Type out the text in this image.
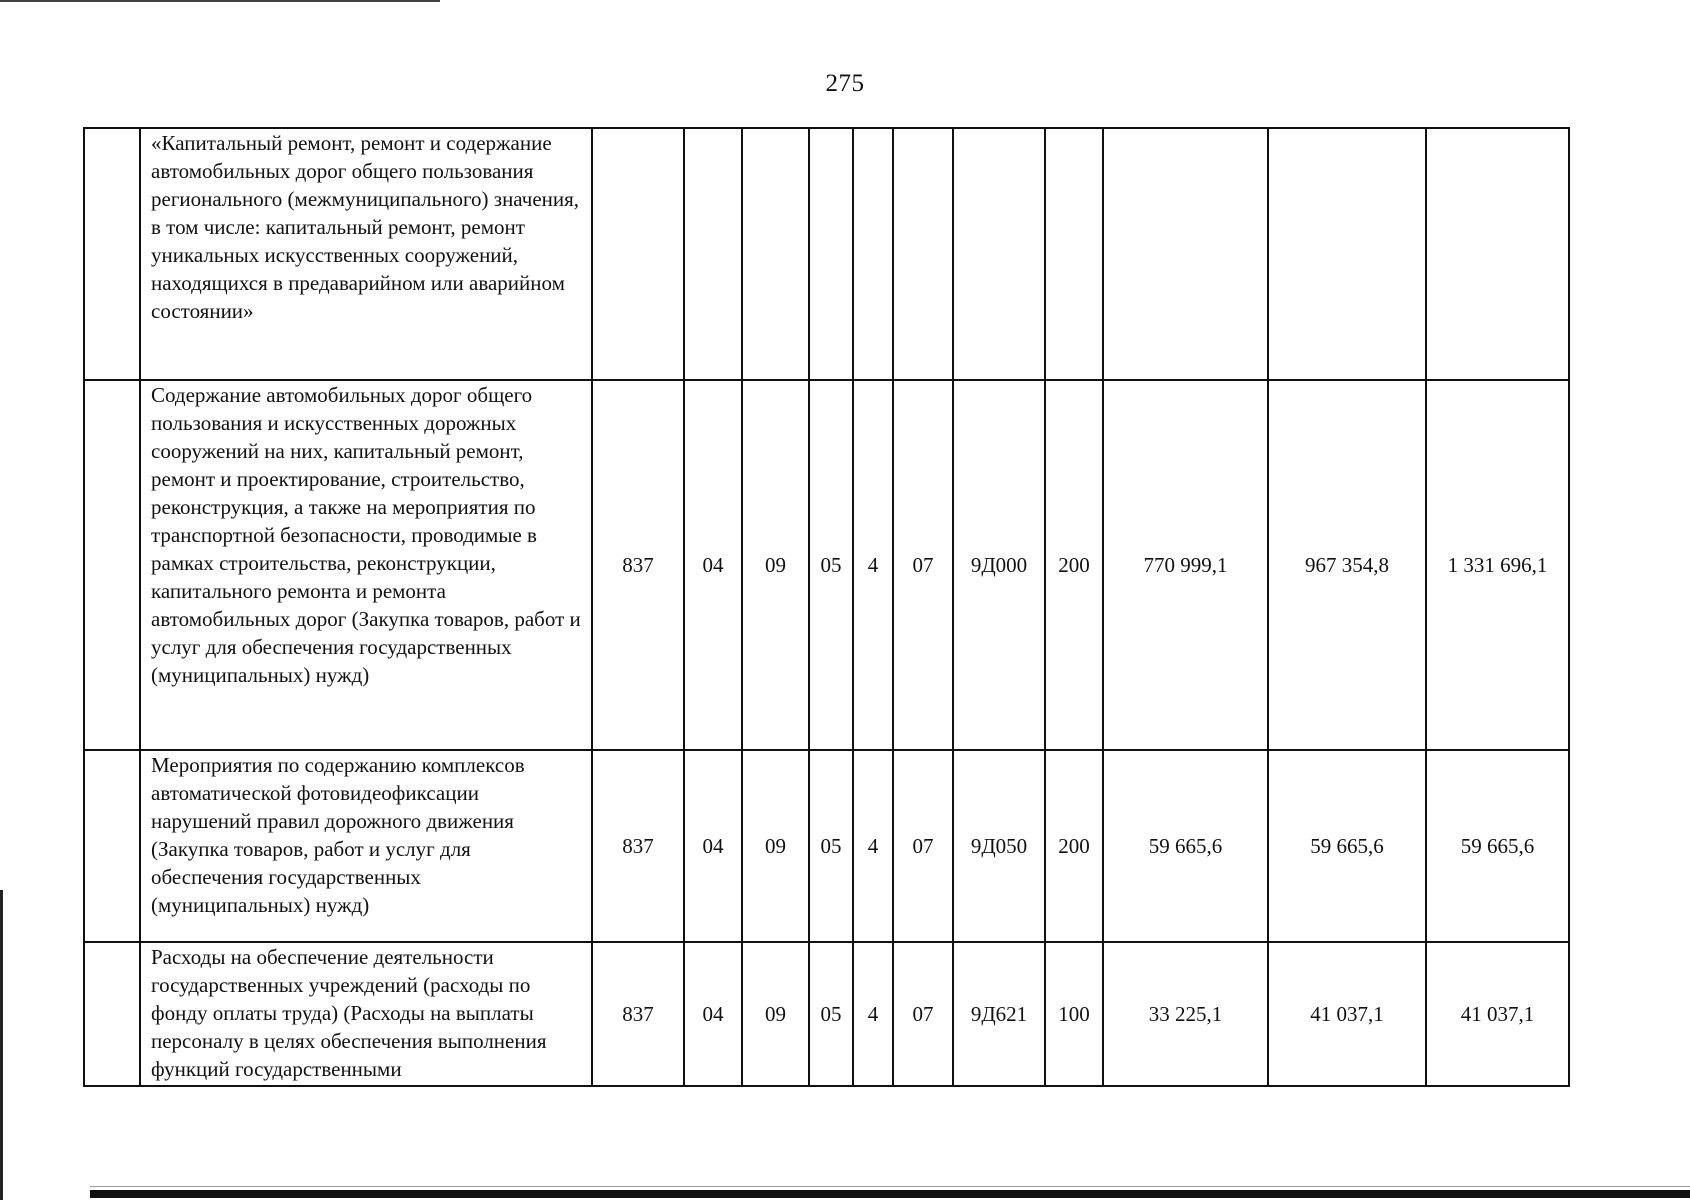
275
	«Капитальный ремонт, ремонт и содержание автомобильных дорог общего пользования регионального (межмуниципального) значения, в том числе: капитальный ремонт, ремонт уникальных искусственных сооружений, находящихся в предаварийном или аварийном состоянии»											
	Содержание автомобильных дорог общего пользования и искусственных дорожных сооружений на них, капитальный ремонт, ремонт и проектирование, строительство, реконструкция, а также на мероприятия по транспортной безопасности, проводимые в рамках строительства, реконструкции, капитального ремонта и ремонта автомобильных дорог (Закупка товаров, работ и услуг для обеспечения государственных (муниципальных) нужд)	837	04	09	05	4	07	9Д000	200	770 999,1	967 354,8	1 331 696,1
	Мероприятия по содержанию комплексов автоматической фотовидеофиксации нарушений правил дорожного движения (Закупка товаров, работ и услуг для обеспечения государственных (муниципальных) нужд)	837	04	09	05	4	07	9Д050	200	59 665,6	59 665,6	59 665,6
	Расходы на обеспечение деятельности государственных учреждений (расходы по фонду оплаты труда) (Расходы на выплаты персоналу в целях обеспечения выполнения функций государственными	837	04	09	05	4	07	9Д621	100	33 225,1	41 037,1	41 037,1
